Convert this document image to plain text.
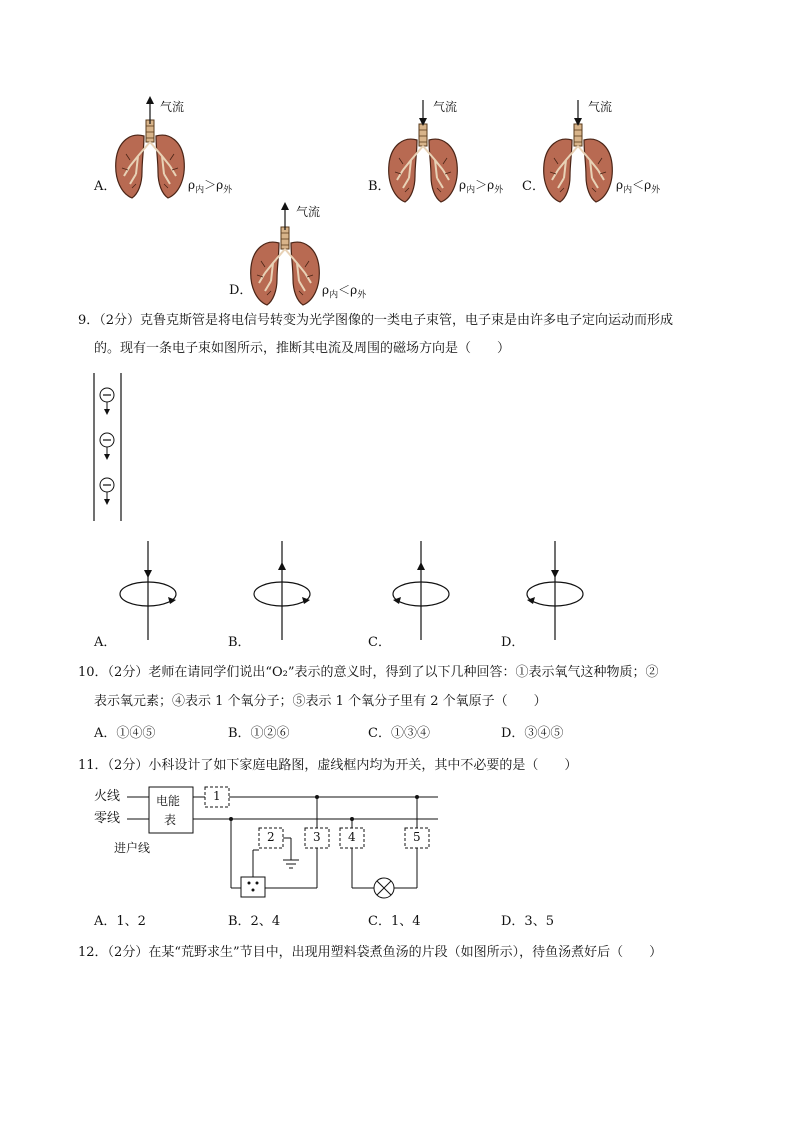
气流	气流	气流
气流
A．	B．	C．
D．
$\rho_内>\rho_外$	$\rho_内>\rho_外$	$\rho_内<\rho_外$
$\rho_内<\rho_外$
9．（2分）克鲁克斯管是将电信号转变为光学图像的一类电子束管，电子束是由许多电子定向运动而形成
的。现有一条电子束如图所示，推断其电流及周围的磁场方向是（　　）
A．	B．	C．	D．
10．（2分）老师在请同学们说出“O₂”表示的意义时，得到了以下几种回答：①表示氧气这种物质；②
表示氧元素；④表示 1 个氧分子；⑤表示 1 个氧分子里有 2 个氧原子（　　）
A．①④⑤	B．①②⑥	C．①③④	D．③④⑤
11．（2分）小科设计了如下家庭电路图，虚线框内均为开关，其中不必要的是（　　）
火线
零线
电能
表
进户线
1
2	3 4	5
A．1、2	B．2、4	C．1、4	D．3、5
12．（2分）在某“荒野求生”节目中，出现用塑料袋煮鱼汤的片段（如图所示），待鱼汤煮好后（　　）
